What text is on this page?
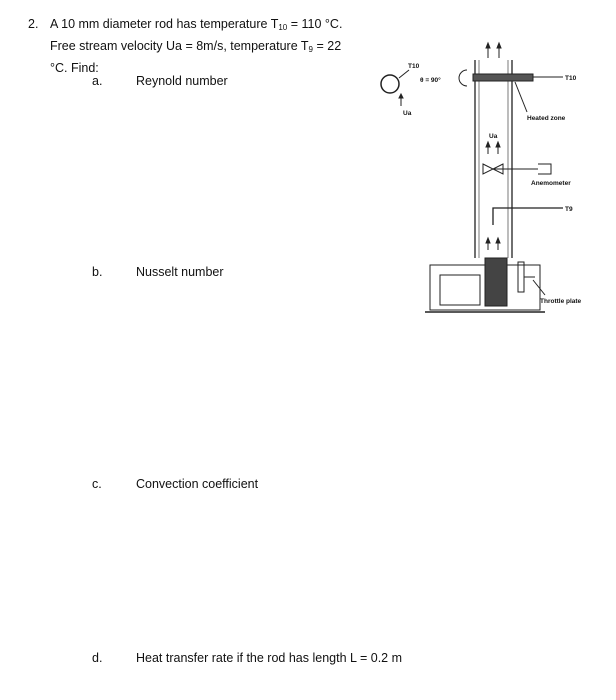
2. A 10 mm diameter rod has temperature $T_{10} = 110$ °C.
Free stream velocity Ua = 8m/s, temperature $T_9 = 22$
°C. Find:
a.	Reynold number
b.	Nusselt number
c.	Convection coefficient
d.	Heat transfer rate if the rod has length L = 0.2 m
T10
θ = 90°
Ua
T10
Heated zone
Ua
Anemometer
T9
Throttle plate
